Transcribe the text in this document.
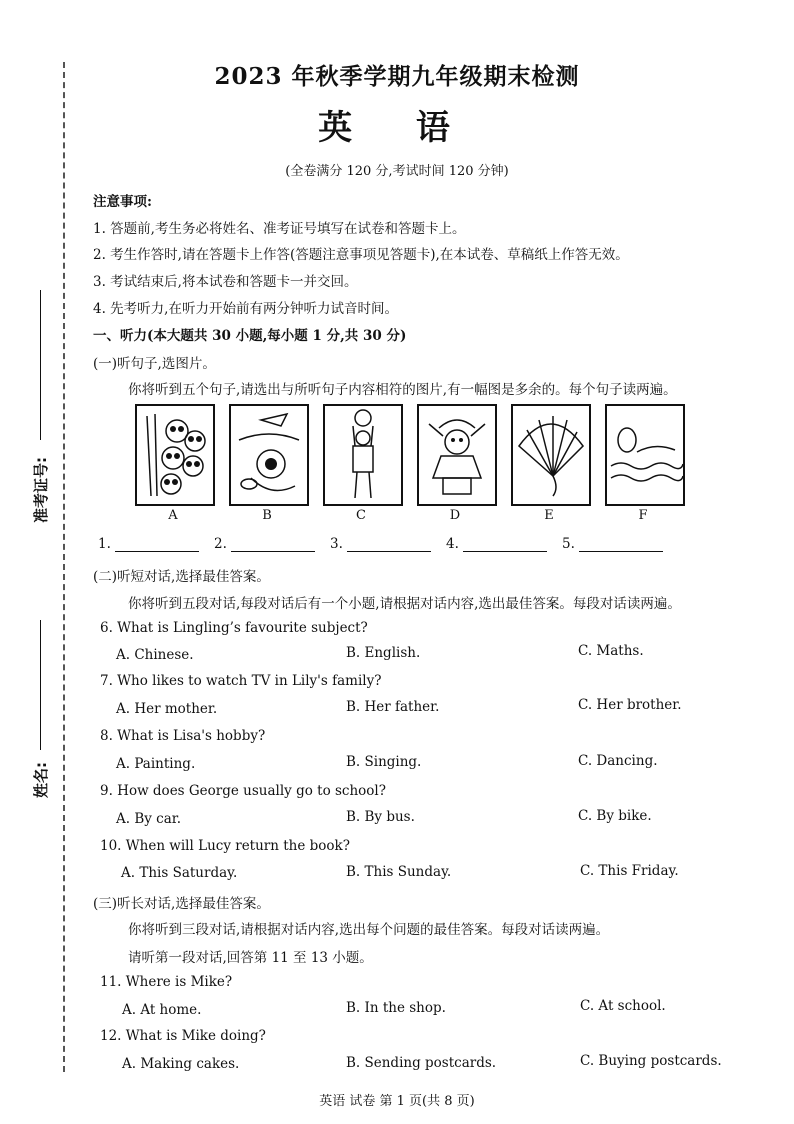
准考证号:
姓名:
2023 年秋季学期九年级期末检测
英 语
(全卷满分 120 分,考试时间 120 分钟)
注意事项:
1. 答题前,考生务必将姓名、准考证号填写在试卷和答题卡上。
2. 考生作答时,请在答题卡上作答(答题注意事项见答题卡),在本试卷、草稿纸上作答无效。
3. 考试结束后,将本试卷和答题卡一并交回。
4. 先考听力,在听力开始前有两分钟听力试音时间。
一、听力(本大题共 30 小题,每小题 1 分,共 30 分)
(一)听句子,选图片。
你将听到五个句子,请选出与所听句子内容相符的图片,有一幅图是多余的。每个句子读两遍。
A	B	C	D	E	F
1.	2.	3.	4.	5.
(二)听短对话,选择最佳答案。
你将听到五段对话,每段对话后有一个小题,请根据对话内容,选出最佳答案。每段对话读两遍。
6. What is Lingling’s favourite subject?
A. Chinese.	B. English.	C. Maths.
7. Who likes to watch TV in Lily's family?
A. Her mother.	B. Her father.	C. Her brother.
8. What is Lisa's hobby?
A. Painting.	B. Singing.	C. Dancing.
9. How does George usually go to school?
A. By car.	B. By bus.	C. By bike.
10. When will Lucy return the book?
A. This Saturday.	B. This Sunday.	C. This Friday.
(三)听长对话,选择最佳答案。
你将听到三段对话,请根据对话内容,选出每个问题的最佳答案。每段对话读两遍。
请听第一段对话,回答第 11 至 13 小题。
11. Where is Mike?
A. At home.	B. In the shop.	C. At school.
12. What is Mike doing?
A. Making cakes.	B. Sending postcards.	C. Buying postcards.
英语 试卷 第 1 页(共 8 页)
